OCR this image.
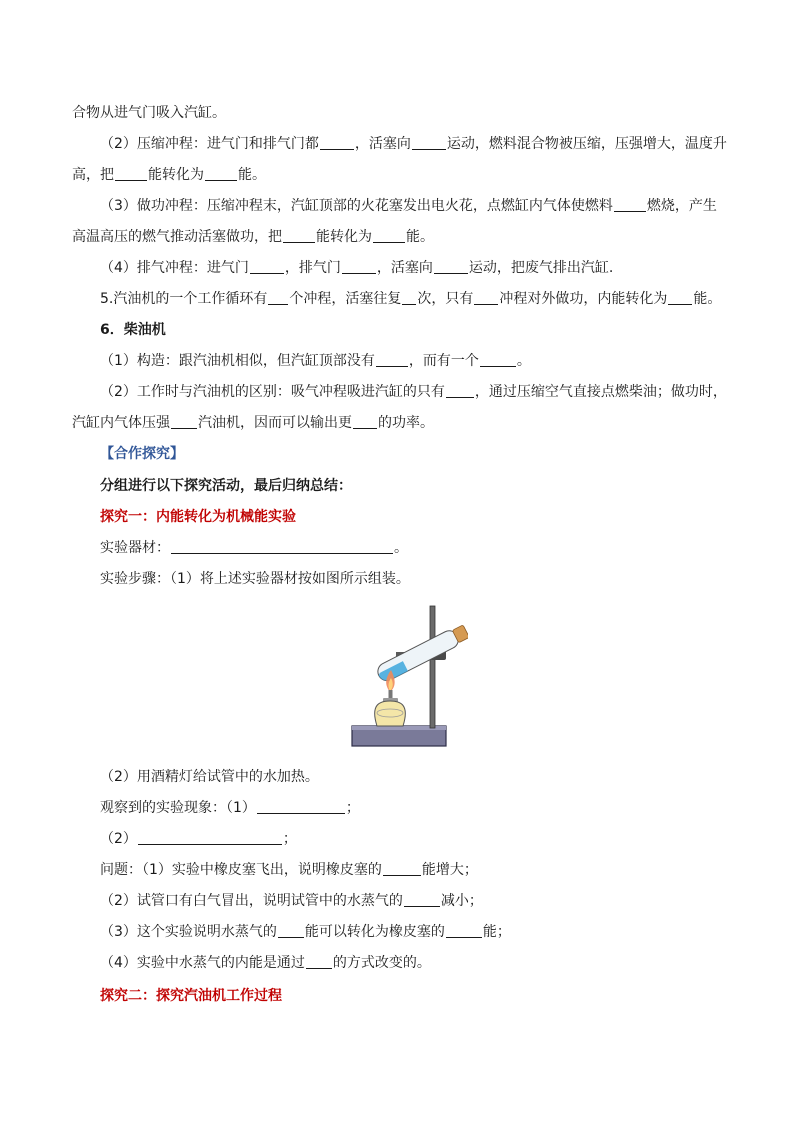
合物从进气门吸入汽缸。
（2）压缩冲程：进气门和排气门都	，活塞向	运动，燃料混合物被压缩，压强增大，温度升
高，把 能转化为 能。
（3）做功冲程：压缩冲程末，汽缸顶部的火花塞发出电火花，点燃缸内气体使燃料 燃烧，产生
高温高压的燃气推动活塞做功，把 能转化为 能。
（4）排气冲程：进气门	，排气门	，活塞向	运动，把废气排出汽缸.
5.汽油机的一个工作循环有 个冲程，活塞往复 次，只有 冲程对外做功，内能转化为 能。
6．柴油机
（1）构造：跟汽油机相似，但汽缸顶部没有 ，而有一个	。
（2）工作时与汽油机的区别：吸气冲程吸进汽缸的只有 ，通过压缩空气直接点燃柴油；做功时，
汽缸内气体压强 汽油机，因而可以输出更 的功率。
【合作探究】
分组进行以下探究活动，最后归纳总结：
探究一：内能转化为机械能实验
实验器材：	。
实验步骤：（1）将上述实验器材按如图所示组装。
（2）用酒精灯给试管中的水加热。
观察到的实验现象：（1）	；
（2）	；
问题：（1）实验中橡皮塞飞出，说明橡皮塞的	能增大；
（2）试管口有白气冒出，说明试管中的水蒸气的	减小；
（3）这个实验说明水蒸气的 能可以转化为橡皮塞的	能；
（4）实验中水蒸气的内能是通过 的方式改变的。
探究二：探究汽油机工作过程
